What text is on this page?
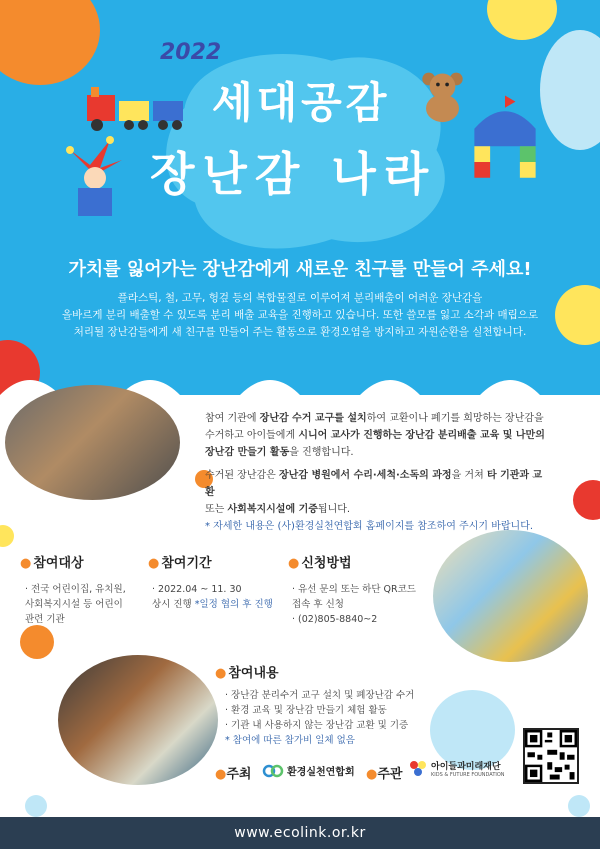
2022
세대공감
장난감 나라
가치를 잃어가는 장난감에게 새로운 친구를 만들어 주세요!
플라스틱, 철, 고무, 헝겊 등의 복합물질로 이루어져 분리배출이 어려운 장난감을
올바르게 분리 배출할 수 있도록 분리 배출 교육을 진행하고 있습니다. 또한 쓸모를 잃고 소각과 매립으로
처리될 장난감들에게 새 친구를 만들어 주는 활동으로 환경오염을 방지하고 자원순환을 실천합니다.
참여 기관에 장난감 수거 교구를 설치하여 교환이나 폐기를 희망하는 장난감을
수거하고 아이들에게 시니어 교사가 진행하는 장난감 분리배출 교육 및 나만의
장난감 만들기 활동을 진행합니다.
수거된 장난감은 장난감 병원에서 수리·세척·소독의 과정을 거쳐 타 기관과 교환
또는 사회복지시설에 기증됩니다.
* 자세한 내용은 (사)환경실천연합회 홈페이지를 참조하여 주시기 바랍니다.
● 참여대상
· 전국 어린이집, 유치원,
사회복지시설 등 어린이
관련 기관
● 참여기간
· 2022.04 ~ 11. 30
상시 진행 *일정 협의 후 진행
● 신청방법
· 유선 문의 또는 하단 QR코드
접속 후 신청
· (02)805-8840~2
● 참여내용
· 장난감 분리수거 교구 설치 및 폐장난감 수거
· 환경 교육 및 장난감 만들기 체험 활동
· 기관 내 사용하지 않는 장난감 교환 및 기증
* 참여에 따른 참가비 일체 없음
●주최	환경실천연합회 ●주관
아이들과미래재단
KIDS & FUTURE FOUNDATION
www.ecolink.or.kr
